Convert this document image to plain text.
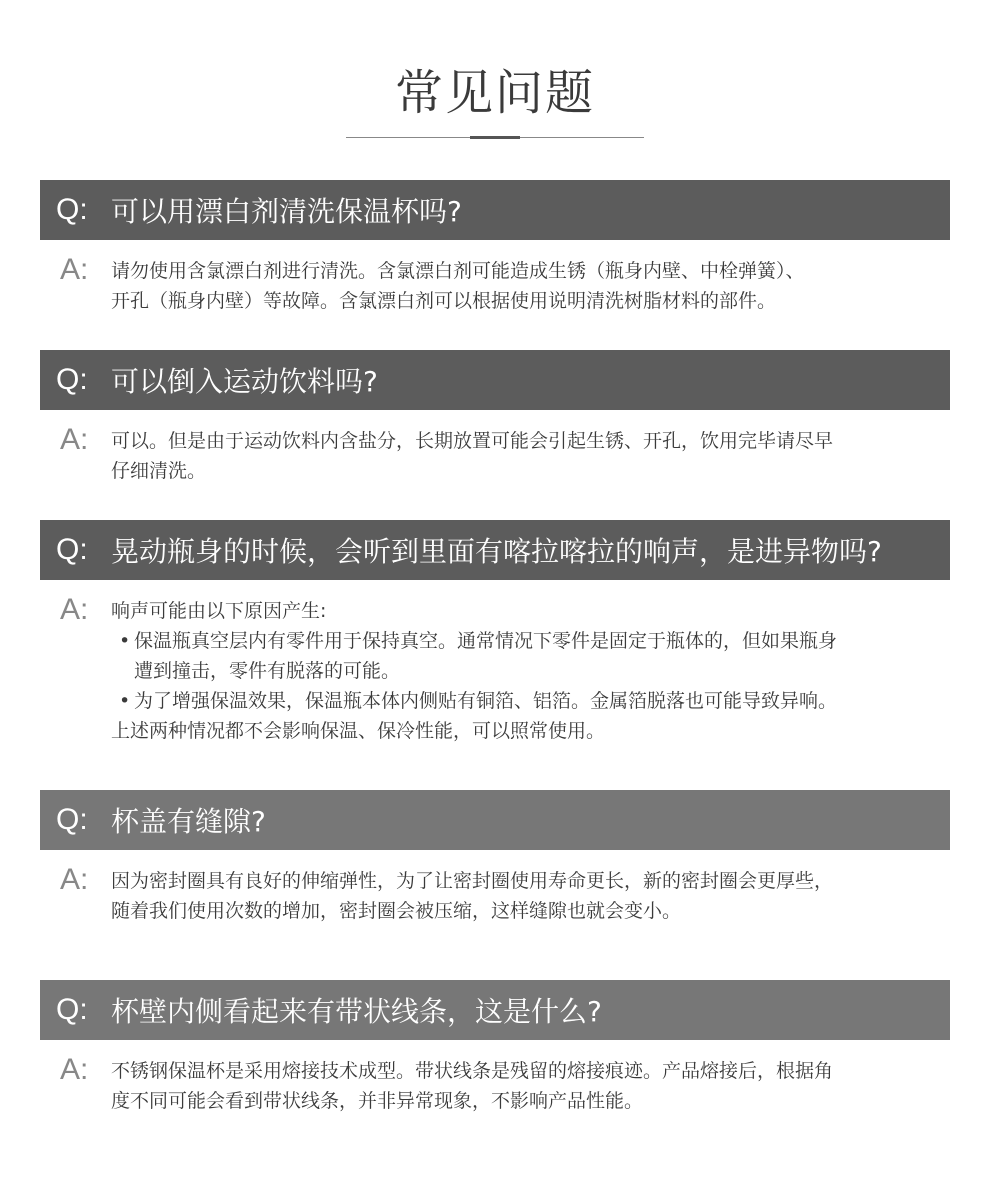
常见问题
Q: 可以用漂白剂清洗保温杯吗?
A: 请勿使用含氯漂白剂进行清洗。含氯漂白剂可能造成生锈（瓶身内壁、中栓弹簧）、
开孔（瓶身内壁）等故障。含氯漂白剂可以根据使用说明清洗树脂材料的部件。
Q: 可以倒入运动饮料吗?
A: 可以。但是由于运动饮料内含盐分，长期放置可能会引起生锈、开孔，饮用完毕请尽早
仔细清洗。
Q: 晃动瓶身的时候，会听到里面有喀拉喀拉的响声，是进异物吗?
A: 响声可能由以下原因产生:
• 保温瓶真空层内有零件用于保持真空。通常情况下零件是固定于瓶体的，但如果瓶身
遭到撞击，零件有脱落的可能。
• 为了增强保温效果，保温瓶本体内侧贴有铜箔、铝箔。金属箔脱落也可能导致异响。
上述两种情况都不会影响保温、保冷性能，可以照常使用。
Q: 杯盖有缝隙?
A: 因为密封圈具有良好的伸缩弹性，为了让密封圈使用寿命更长，新的密封圈会更厚些，
随着我们使用次数的增加，密封圈会被压缩，这样缝隙也就会变小。
Q: 杯壁内侧看起来有带状线条，这是什么?
A: 不锈钢保温杯是采用熔接技术成型。带状线条是残留的熔接痕迹。产品熔接后，根据角
度不同可能会看到带状线条，并非异常现象，不影响产品性能。
